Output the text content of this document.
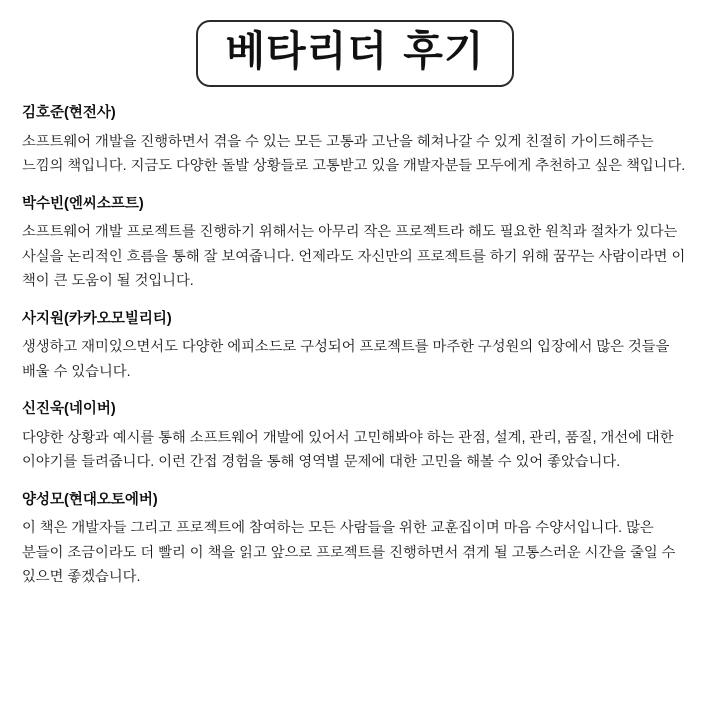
베타리더 후기
김호준(현전사)
소프트웨어 개발을 진행하면서 겪을 수 있는 모든 고통과 고난을 헤쳐나갈 수 있게 친절히 가이드해주는 느낌의 책입니다. 지금도 다양한 돌발 상황들로 고통받고 있을 개발자분들 모두에게 추천하고 싶은 책입니다.
박수빈(엔씨소프트)
소프트웨어 개발 프로젝트를 진행하기 위해서는 아무리 작은 프로젝트라 해도 필요한 원칙과 절차가 있다는 사실을 논리적인 흐름을 통해 잘 보여줍니다. 언제라도 자신만의 프로젝트를 하기 위해 꿈꾸는 사람이라면 이 책이 큰 도움이 될 것입니다.
사지원(카카오모빌리티)
생생하고 재미있으면서도 다양한 에피소드로 구성되어 프로젝트를 마주한 구성원의 입장에서 많은 것들을 배울 수 있습니다.
신진욱(네이버)
다양한 상황과 예시를 통해 소프트웨어 개발에 있어서 고민해봐야 하는 관점, 설계, 관리, 품질, 개선에 대한 이야기를 들려줍니다. 이런 간접 경험을 통해 영역별 문제에 대한 고민을 해볼 수 있어 좋았습니다.
양성모(현대오토에버)
이 책은 개발자들 그리고 프로젝트에 참여하는 모든 사람들을 위한 교훈집이며 마음 수양서입니다. 많은 분들이 조금이라도 더 빨리 이 책을 읽고 앞으로 프로젝트를 진행하면서 겪게 될 고통스러운 시간을 줄일 수 있으면 좋겠습니다.
